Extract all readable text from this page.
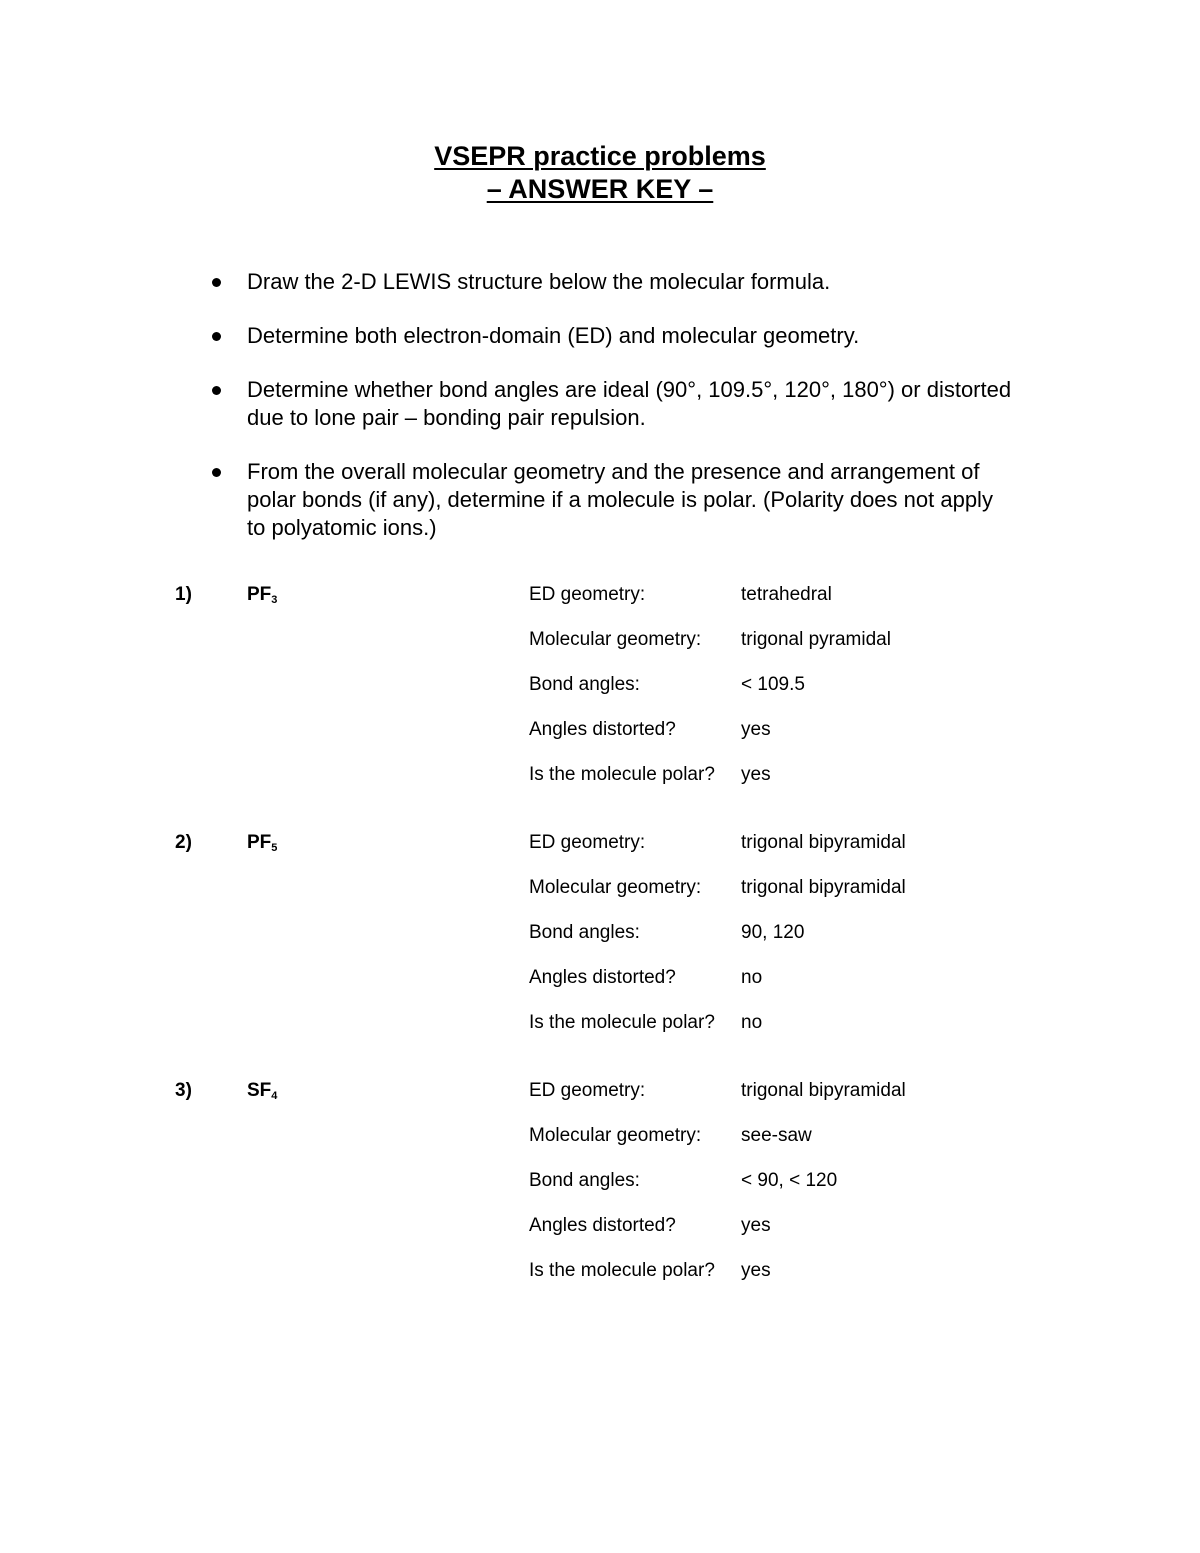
VSEPR practice problems
– ANSWER KEY –
Draw the 2-D LEWIS structure below the molecular formula.
Determine both electron-domain (ED) and molecular geometry.
Determine whether bond angles are ideal (90°, 109.5°, 120°, 180°) or distorted due to lone pair – bonding pair repulsion.
From the overall molecular geometry and the presence and arrangement of polar bonds (if any), determine if a molecule is polar. (Polarity does not apply to polyatomic ions.)
1)	$PF_3$	ED geometry:	tetrahedral
Molecular geometry: trigonal pyramidal
Bond angles:	< 109.5
Angles distorted?	yes
Is the molecule polar? yes
2)	$PF_5$	ED geometry:	trigonal bipyramidal
Molecular geometry: trigonal bipyramidal
Bond angles:	90, 120
Angles distorted?	no
Is the molecule polar? no
3)	$SF_4$	ED geometry:	trigonal bipyramidal
Molecular geometry: see-saw
Bond angles:	< 90, < 120
Angles distorted?	yes
Is the molecule polar? yes
